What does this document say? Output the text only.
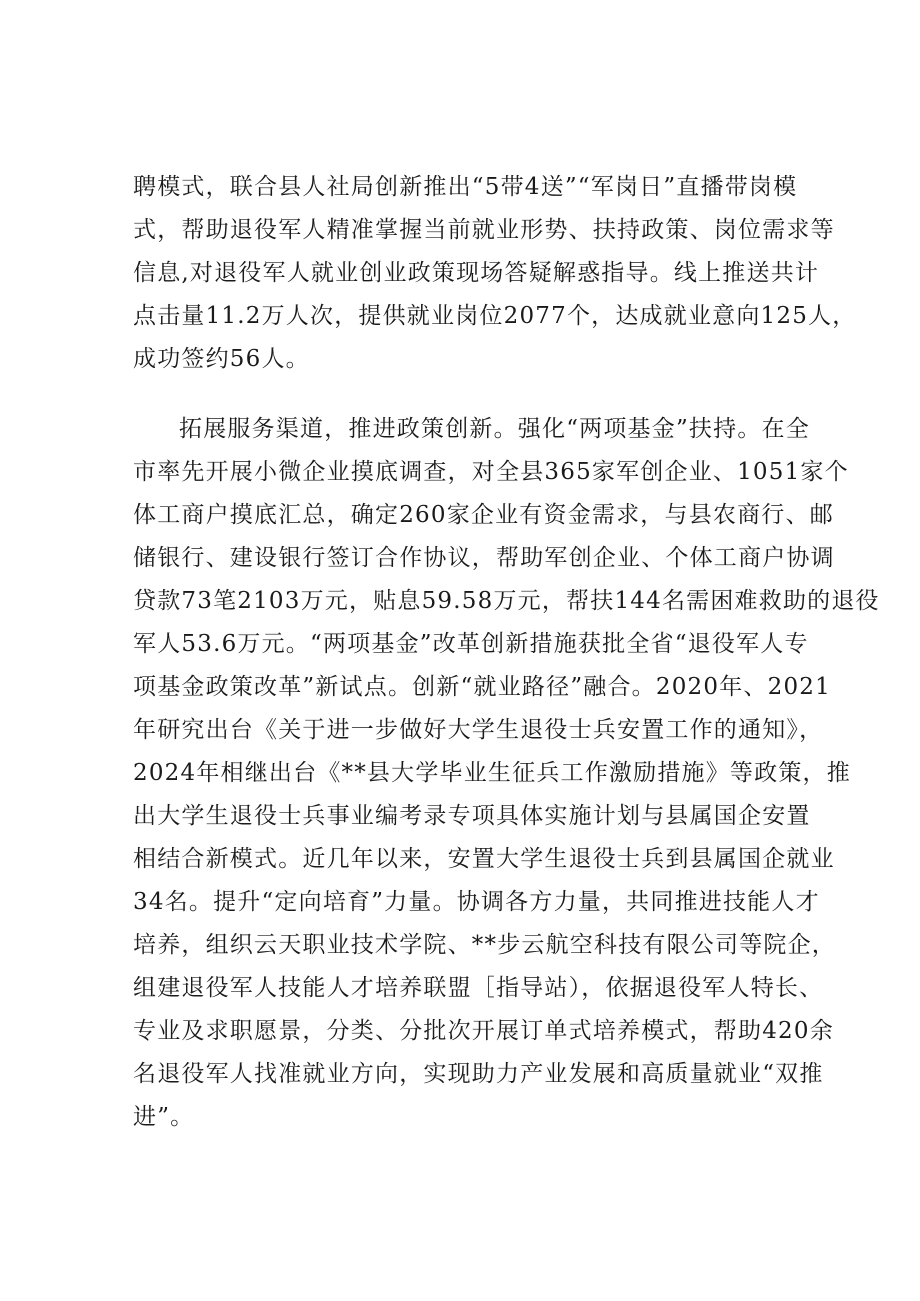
聘模式，联合县人社局创新推出“5带4送”“军岗日”直播带岗模
式，帮助退役军人精准掌握当前就业形势、扶持政策、岗位需求等
信息,对退役军人就业创业政策现场答疑解惑指导。线上推送共计
点击量11.2万人次，提供就业岗位2077个，达成就业意向125人，
成功签约56人。
拓展服务渠道，推进政策创新。强化“两项基金”扶持。在全
市率先开展小微企业摸底调查，对全县365家军创企业、1051家个
体工商户摸底汇总，确定260家企业有资金需求，与县农商行、邮
储银行、建设银行签订合作协议，帮助军创企业、个体工商户协调
贷款73笔2103万元，贴息59.58万元，帮扶144名需困难救助的退役
军人53.6万元。“两项基金”改革创新措施获批全省“退役军人专
项基金政策改革”新试点。创新“就业路径”融合。2020年、2021
年研究出台《关于进一步做好大学生退役士兵安置工作的通知》，
2024年相继出台《**县大学毕业生征兵工作激励措施》等政策，推
出大学生退役士兵事业编考录专项具体实施计划与县属国企安置
相结合新模式。近几年以来，安置大学生退役士兵到县属国企就业
34名。提升“定向培育”力量。协调各方力量，共同推进技能人才
培养，组织云天职业技术学院、**步云航空科技有限公司等院企，
组建退役军人技能人才培养联盟［指导站），依据退役军人特长、
专业及求职愿景，分类、分批次开展订单式培养模式，帮助420余
名退役军人找准就业方向，实现助力产业发展和高质量就业“双推
进”。
